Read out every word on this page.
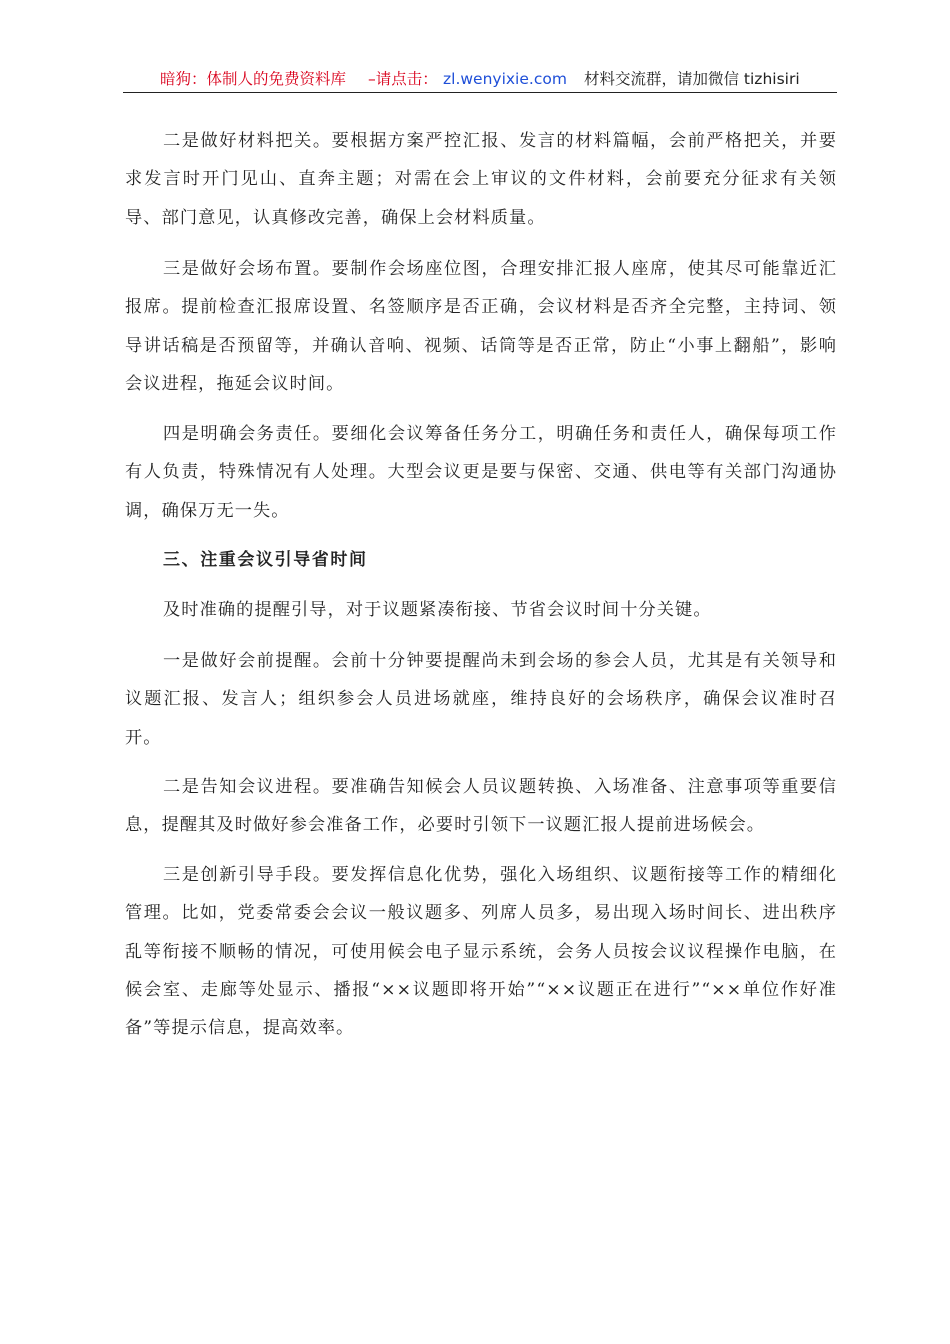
暗狗：体制人的免费资料库 –请点击： zl.wenyixie.com 材料交流群，请加微信 tizhisiri

二是做好材料把关。要根据方案严控汇报、发言的材料篇幅，会前严格把关，并要求发言时开门见山、直奔主题；对需在会上审议的文件材料，会前要充分征求有关领导、部门意见，认真修改完善，确保上会材料质量。

三是做好会场布置。要制作会场座位图，合理安排汇报人座席，使其尽可能靠近汇报席。提前检查汇报席设置、名签顺序是否正确，会议材料是否齐全完整，主持词、领导讲话稿是否预留等，并确认音响、视频、话筒等是否正常，防止“小事上翻船”，影响会议进程，拖延会议时间。

四是明确会务责任。要细化会议筹备任务分工，明确任务和责任人，确保每项工作有人负责，特殊情况有人处理。大型会议更是要与保密、交通、供电等有关部门沟通协调，确保万无一失。

三、注重会议引导省时间

及时准确的提醒引导，对于议题紧凑衔接、节省会议时间十分关键。

一是做好会前提醒。会前十分钟要提醒尚未到会场的参会人员，尤其是有关领导和议题汇报、发言人；组织参会人员进场就座，维持良好的会场秩序，确保会议准时召开。

二是告知会议进程。要准确告知候会人员议题转换、入场准备、注意事项等重要信息，提醒其及时做好参会准备工作，必要时引领下一议题汇报人提前进场候会。

三是创新引导手段。要发挥信息化优势，强化入场组织、议题衔接等工作的精细化管理。比如，党委常委会会议一般议题多、列席人员多，易出现入场时间长、进出秩序乱等衔接不顺畅的情况，可使用候会电子显示系统，会务人员按会议议程操作电脑，在候会室、走廊等处显示、播报“××议题即将开始”“××议题正在进行”“××单位作好准备”等提示信息，提高效率。
